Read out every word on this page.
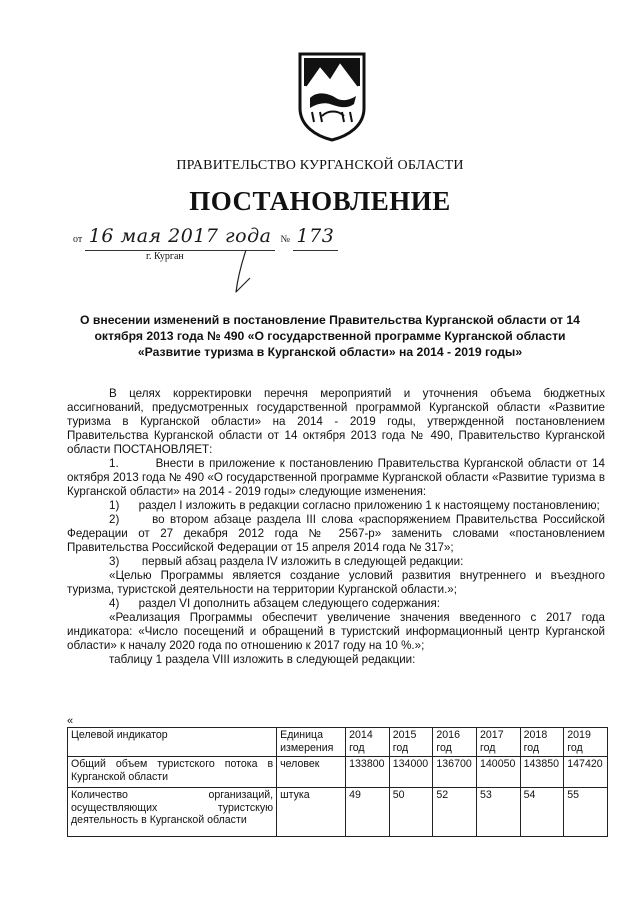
ПРАВИТЕЛЬСТВО КУРГАНСКОЙ ОБЛАСТИ
ПОСТАНОВЛЕНИЕ
от 16 мая 2017 года № 173
г. Курган
О внесении изменений в постановление Правительства Курганской области от 14 октября 2013 года № 490 «О государственной программе Курганской области «Развитие туризма в Курганской области» на 2014 - 2019 годы»

В целях корректировки перечня мероприятий и уточнения объема бюджетных ассигнований, предусмотренных государственной программой Курганской области «Развитие туризма в Курганской области» на 2014 - 2019 годы, утвержденной постановлением Правительства Курганской области от 14 октября 2013 года № 490, Правительство Курганской области ПОСТАНОВЛЯЕТ:

1.        Внести в приложение к постановлению Правительства Курганской области от 14 октября 2013 года № 490 «О государственной программе Курганской области «Развитие туризма в Курганской области» на 2014 - 2019 годы» следующие изменения:

1)      раздел I изложить в редакции согласно приложению 1 к настоящему постановлению;

2)      во втором абзаце раздела III слова «распоряжением Правительства Российской Федерации от 27 декабря 2012 года № 2567-р» заменить словами «постановлением Правительства Российской Федерации от 15 апреля 2014 года № 317»;

3)       первый абзац раздела IV изложить в следующей редакции:

«Целью Программы является создание условий развития внутреннего и въездного туризма, туристской деятельности на территории Курганской области.»;

4)      раздел VI дополнить абзацем следующего содержания:

«Реализация Программы обеспечит увеличение значения введенного с 2017 года индикатора: «Число посещений и обращений в туристский информационный центр Курганской области» к началу 2020 года по отношению к 2017 году на 10 %.»;

таблицу 1 раздела VIII изложить в следующей редакции:

«
Целевой индикатор	Единица измерения	2014 год	2015 год	2016 год	2017 год	2018 год	2019 год
Общий объем туристского потока в Курганской области	человек	133800	134000	136700	140050	143850	147420
Количество организаций, осуществляющих туристскую деятельность в Курганской области	штука	49	50	52	53	54	55
